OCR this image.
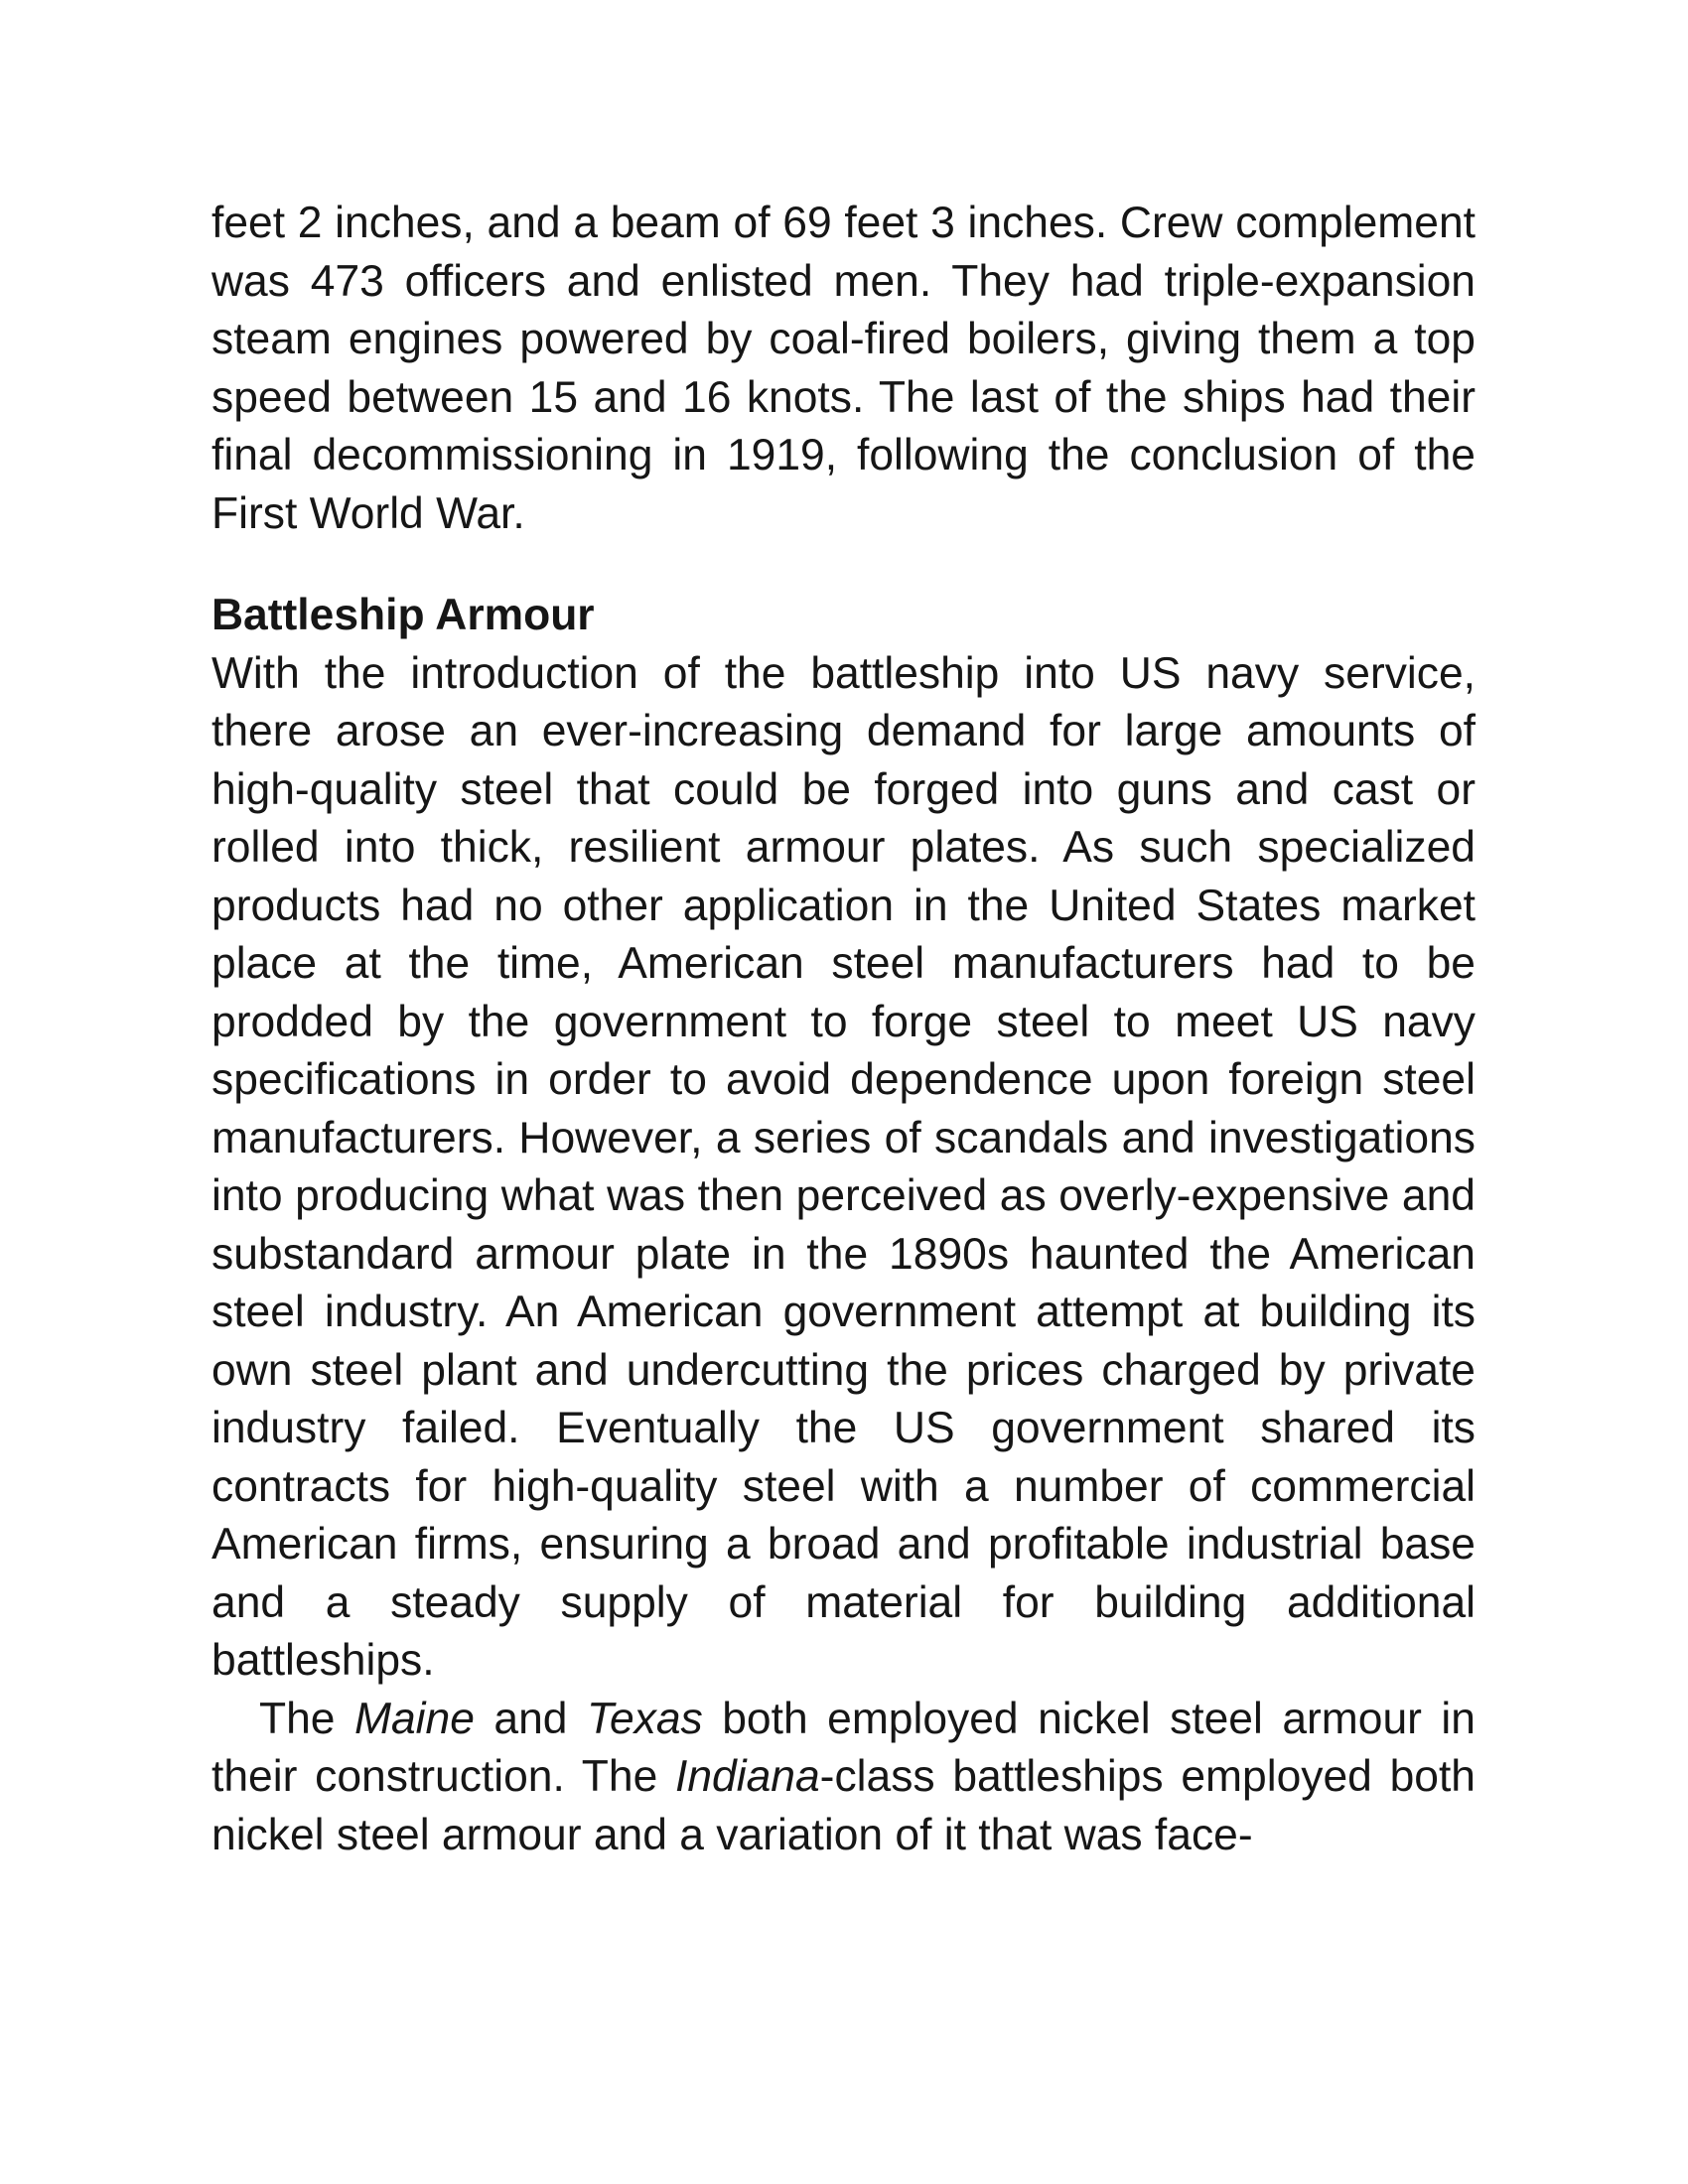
feet 2 inches, and a beam of 69 feet 3 inches. Crew complement was 473 officers and enlisted men. They had triple-expansion steam engines powered by coal-fired boilers, giving them a top speed between 15 and 16 knots. The last of the ships had their final decommissioning in 1919, following the conclusion of the First World War.

Battleship Armour

With the introduction of the battleship into US navy service, there arose an ever-increasing demand for large amounts of high-quality steel that could be forged into guns and cast or rolled into thick, resilient armour plates. As such specialized products had no other application in the United States market place at the time, American steel manufacturers had to be prodded by the government to forge steel to meet US navy specifications in order to avoid dependence upon foreign steel manufacturers. However, a series of scandals and investigations into producing what was then perceived as overly-expensive and substandard armour plate in the 1890s haunted the American steel industry. An American government attempt at building its own steel plant and undercutting the prices charged by private industry failed. Eventually the US government shared its contracts for high-quality steel with a number of commercial American firms, ensuring a broad and profitable industrial base and a steady supply of material for building additional battleships.

The Maine and Texas both employed nickel steel armour in their construction. The Indiana-class battleships employed both nickel steel armour and a variation of it that was face-
